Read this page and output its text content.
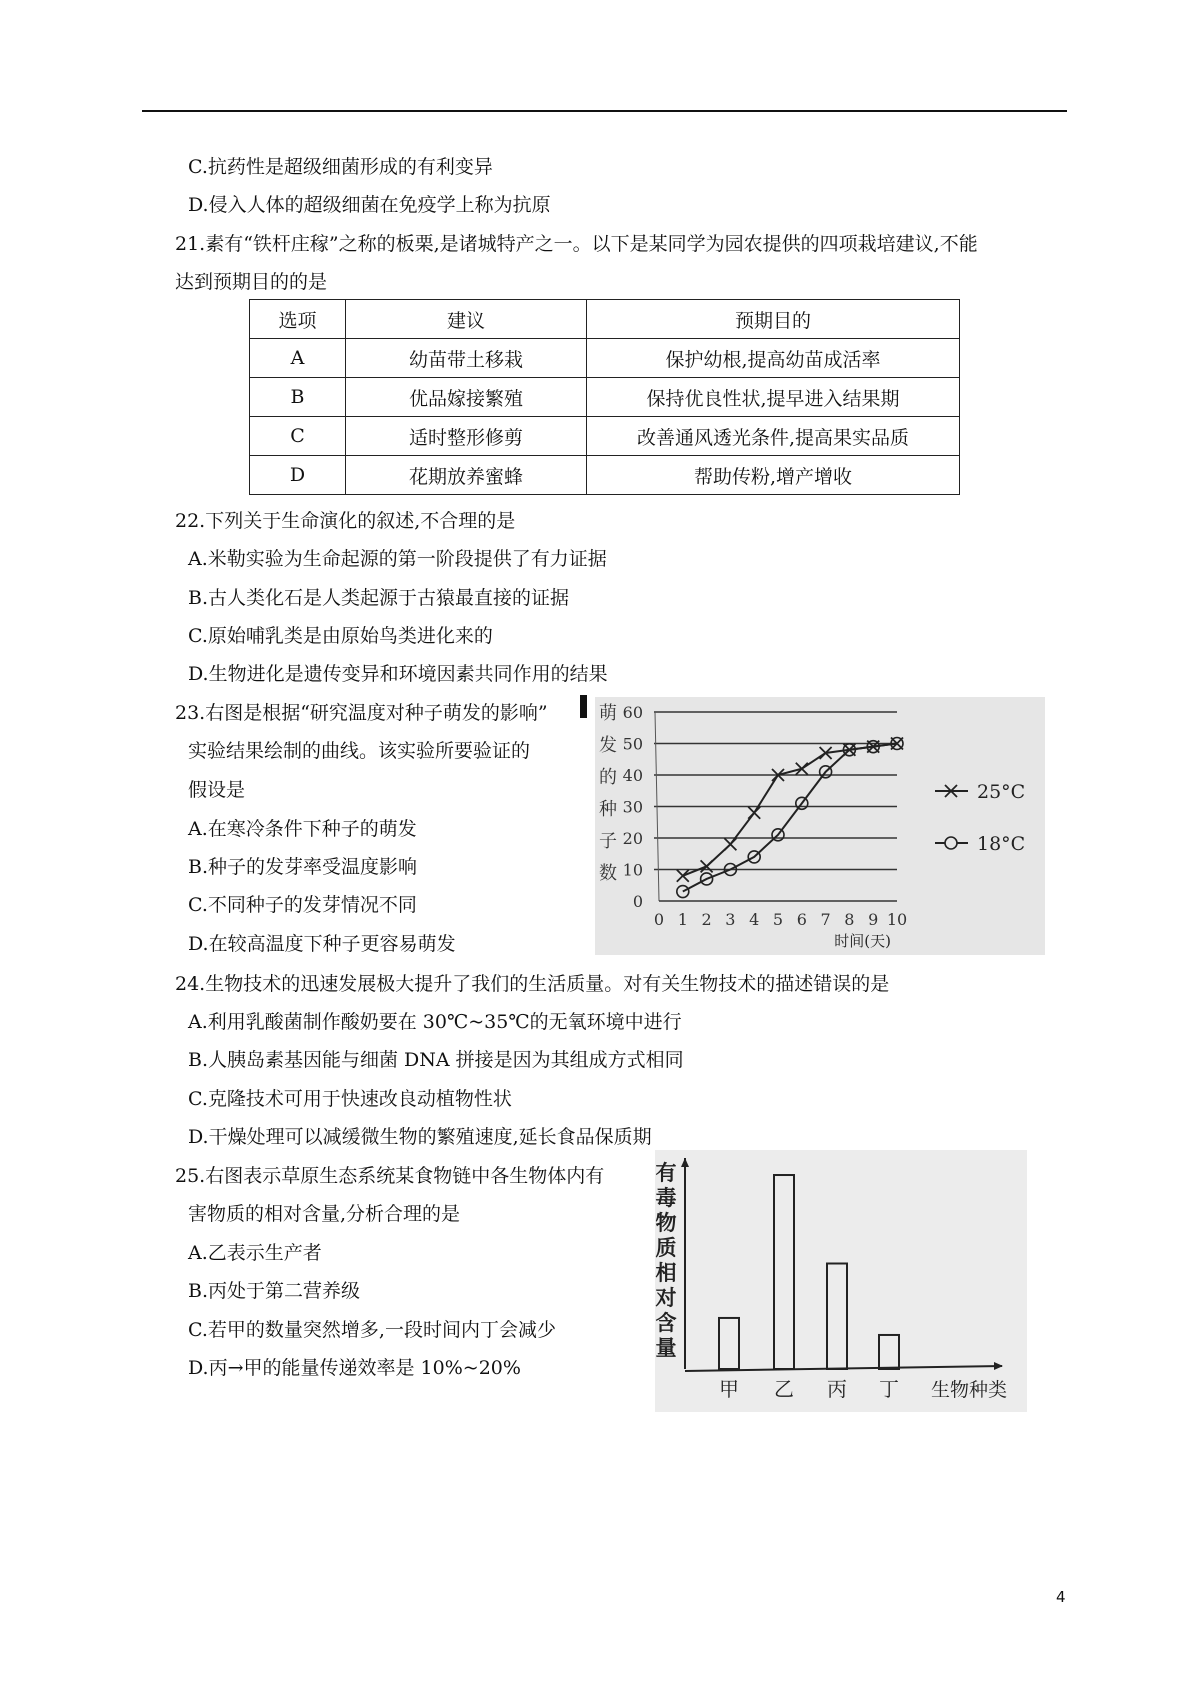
C.抗药性是超级细菌形成的有利变异
D.侵入人体的超级细菌在免疫学上称为抗原
21.素有“铁杆庄稼”之称的板栗,是诸城特产之一。以下是某同学为园农提供的四项栽培建议,不能
达到预期目的的是
选项	建议	预期目的
A	幼苗带土移栽	保护幼根,提高幼苗成活率
B	优品嫁接繁殖	保持优良性状,提早进入结果期
C	适时整形修剪	改善通风透光条件,提高果实品质
D	花期放养蜜蜂	帮助传粉,增产增收
22.下列关于生命演化的叙述,不合理的是
A.米勒实验为生命起源的第一阶段提供了有力证据
B.古人类化石是人类起源于古猿最直接的证据
C.原始哺乳类是由原始鸟类进化来的
D.生物进化是遗传变异和环境因素共同作用的结果
23.右图是根据“研究温度对种子萌发的影响”
实验结果绘制的曲线。该实验所要验证的
假设是
A.在寒冷条件下种子的萌发
B.种子的发芽率受温度影响
C.不同种子的发芽情况不同
D.在较高温度下种子更容易萌发
24.生物技术的迅速发展极大提升了我们的生活质量。对有关生物技术的描述错误的是
A.利用乳酸菌制作酸奶要在 30℃~35℃的无氧环境中进行
B.人胰岛素基因能与细菌 DNA 拼接是因为其组成方式相同
C.克隆技术可用于快速改良动植物性状
D.干燥处理可以减缓微生物的繁殖速度,延长食品保质期
25.右图表示草原生态系统某食物链中各生物体内有
害物质的相对含量,分析合理的是
A.乙表示生产者
B.丙处于第二营养级
C.若甲的数量突然增多,一段时间内丁会减少
D.丙→甲的能量传递效率是 10%~20%
0
10
20
30
40
50
60
0 1 2 3 4 5 6 7 8 9 10
时间(天)
萌
发
的
种
子
数
25°C
18°C
甲 乙 丙 丁 生物种类
有
毒
物
质
相
对
含
量
4
